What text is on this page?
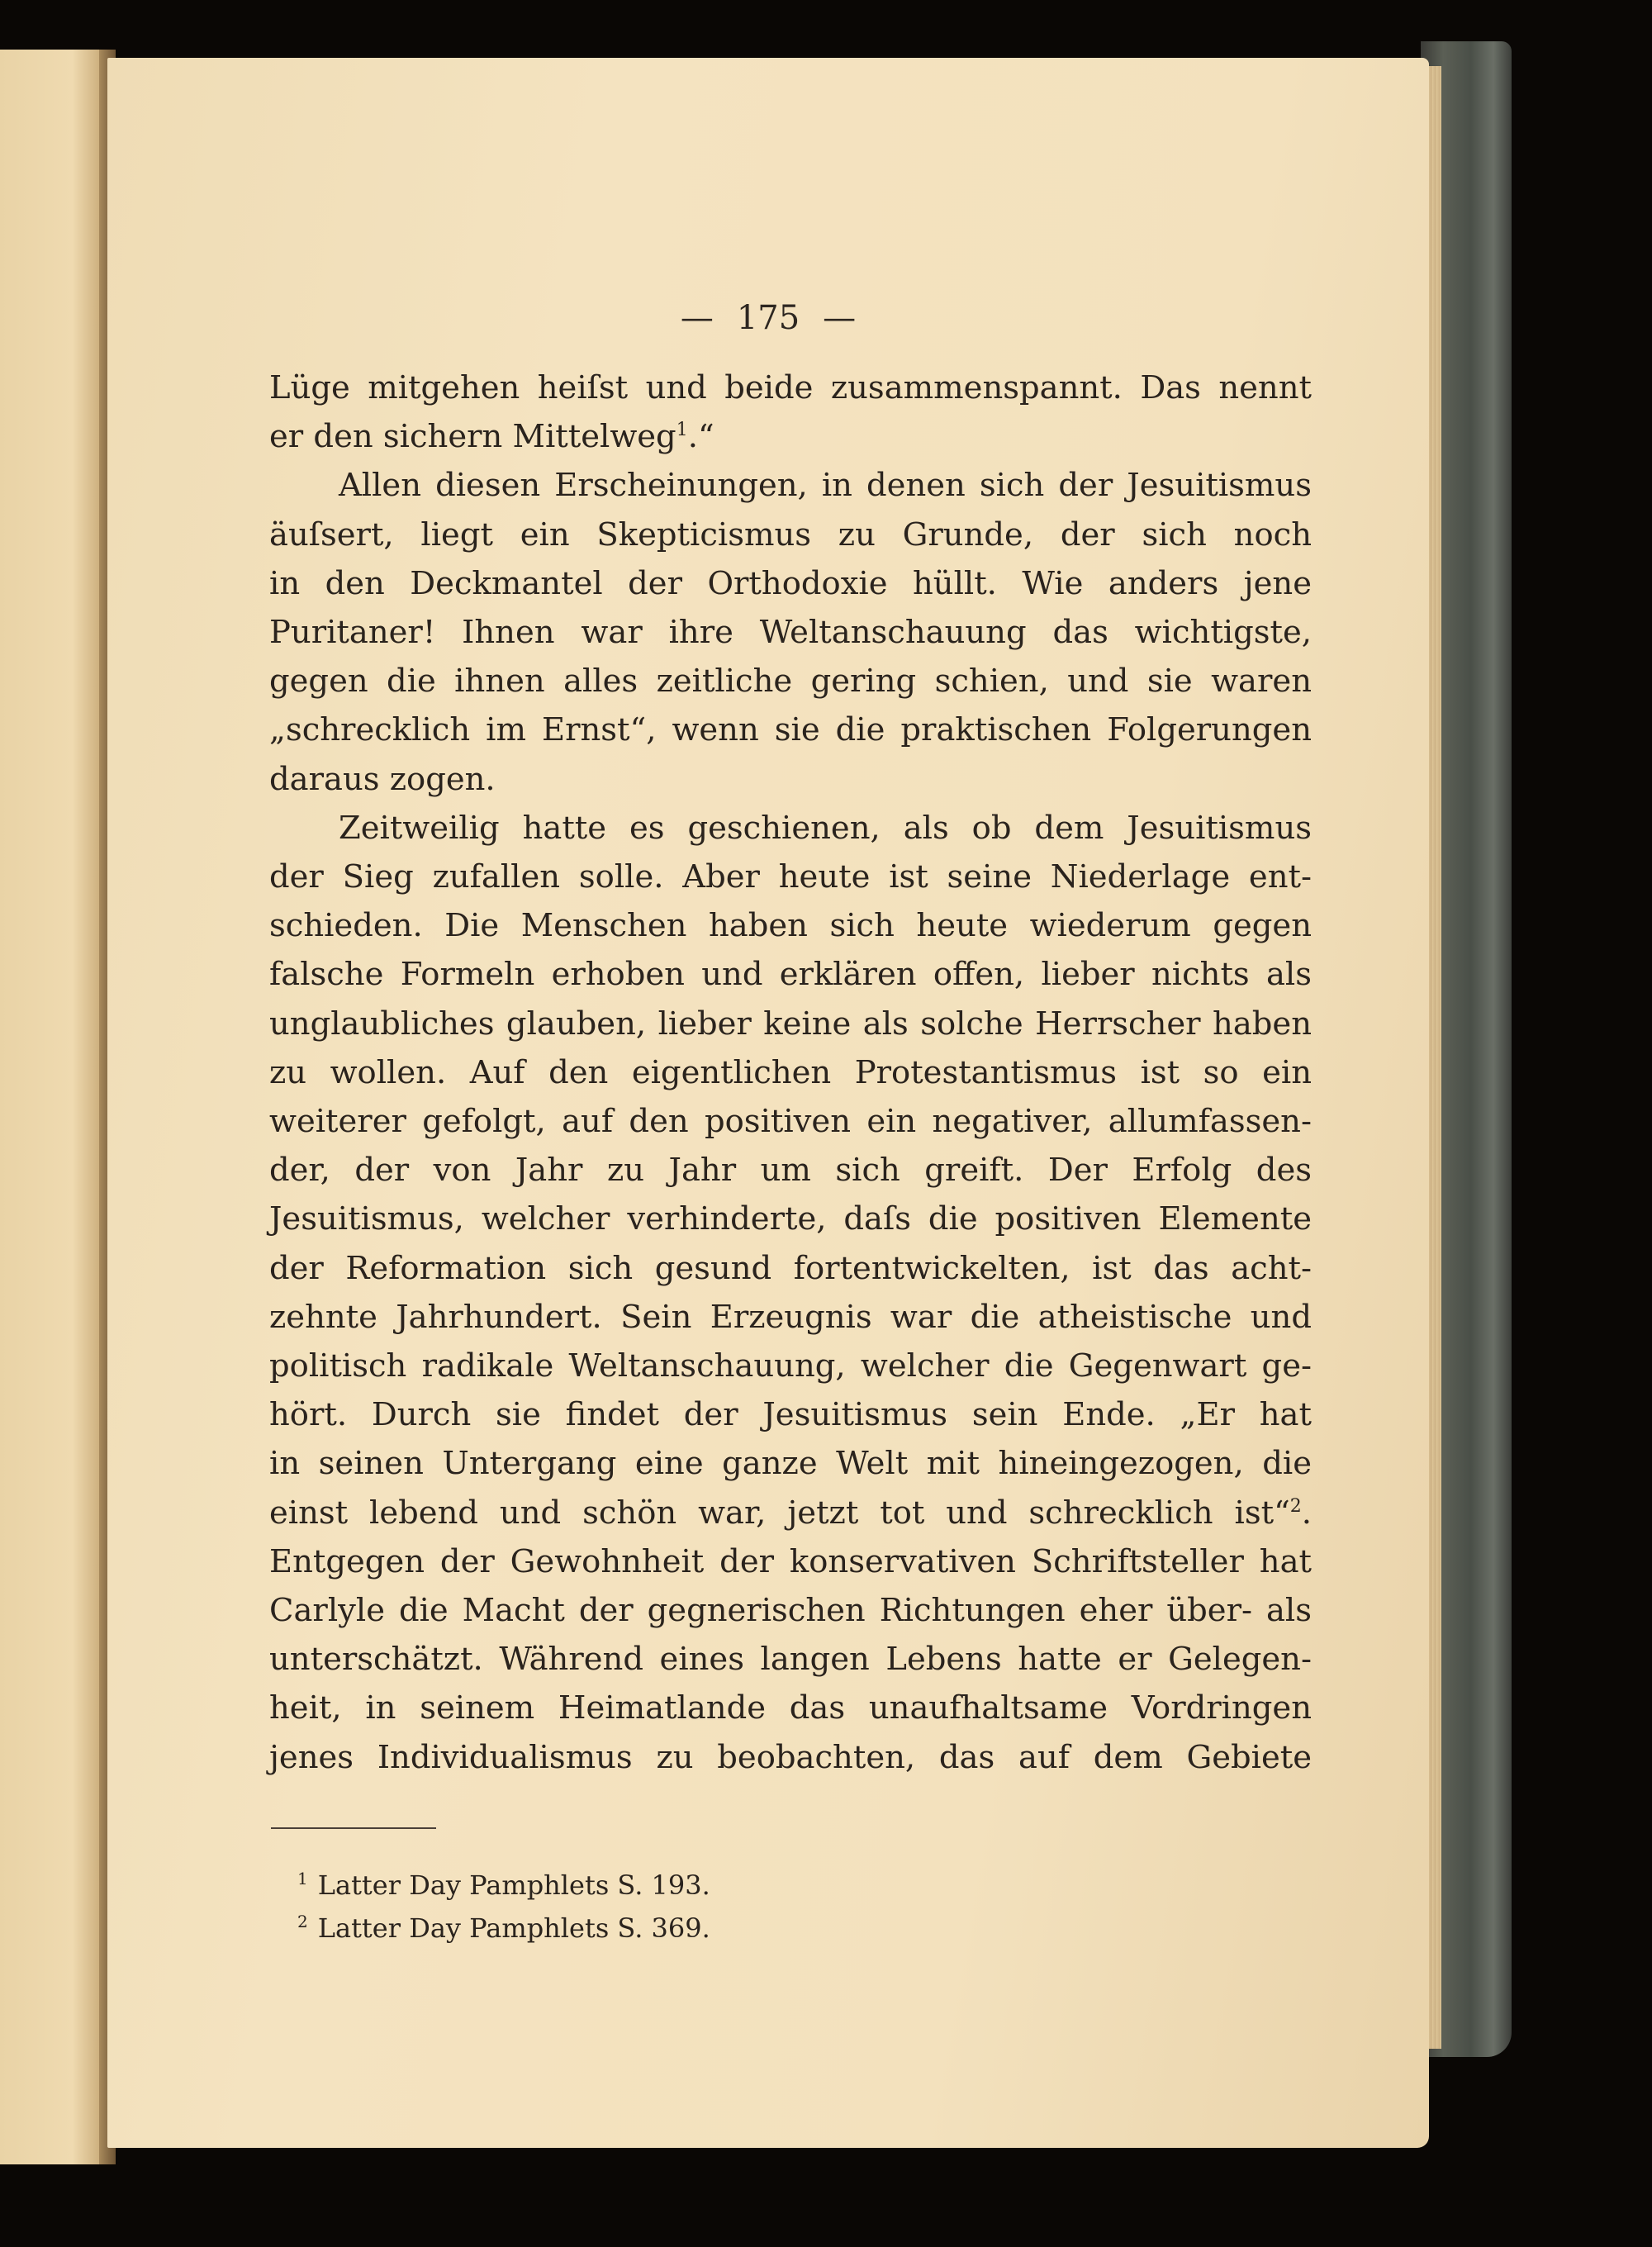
— 175 —
Lüge mitgehen heiſst und beide zusammenspannt. Das nennt
er den sichern Mittelweg$^1$.“
Allen diesen Erscheinungen, in denen sich der Jesuitismus
äuſsert, liegt ein Skepticismus zu Grunde, der sich noch
in den Deckmantel der Orthodoxie hüllt. Wie anders jene
Puritaner! Ihnen war ihre Weltanschauung das wichtigste,
gegen die ihnen alles zeitliche gering schien, und sie waren
„schrecklich im Ernst“, wenn sie die praktischen Folgerungen
daraus zogen.
Zeitweilig hatte es geschienen, als ob dem Jesuitismus
der Sieg zufallen solle. Aber heute ist seine Niederlage ent-
schieden. Die Menschen haben sich heute wiederum gegen
falsche Formeln erhoben und erklären offen, lieber nichts als
unglaubliches glauben, lieber keine als solche Herrscher haben
zu wollen. Auf den eigentlichen Protestantismus ist so ein
weiterer gefolgt, auf den positiven ein negativer, allumfassen-
der, der von Jahr zu Jahr um sich greift. Der Erfolg des
Jesuitismus, welcher verhinderte, daſs die positiven Elemente
der Reformation sich gesund fortentwickelten, ist das acht-
zehnte Jahrhundert. Sein Erzeugnis war die atheistische und
politisch radikale Weltanschauung, welcher die Gegenwart ge-
hört. Durch sie findet der Jesuitismus sein Ende. „Er hat
in seinen Untergang eine ganze Welt mit hineingezogen, die
einst lebend und schön war, jetzt tot und schrecklich ist“$^2$.
Entgegen der Gewohnheit der konservativen Schriftsteller hat
Carlyle die Macht der gegnerischen Richtungen eher über- als
unterschätzt. Während eines langen Lebens hatte er Gelegen-
heit, in seinem Heimatlande das unaufhaltsame Vordringen
jenes Individualismus zu beobachten, das auf dem Gebiete
$^1$ Latter Day Pamphlets S. 193.
$^2$ Latter Day Pamphlets S. 369.
